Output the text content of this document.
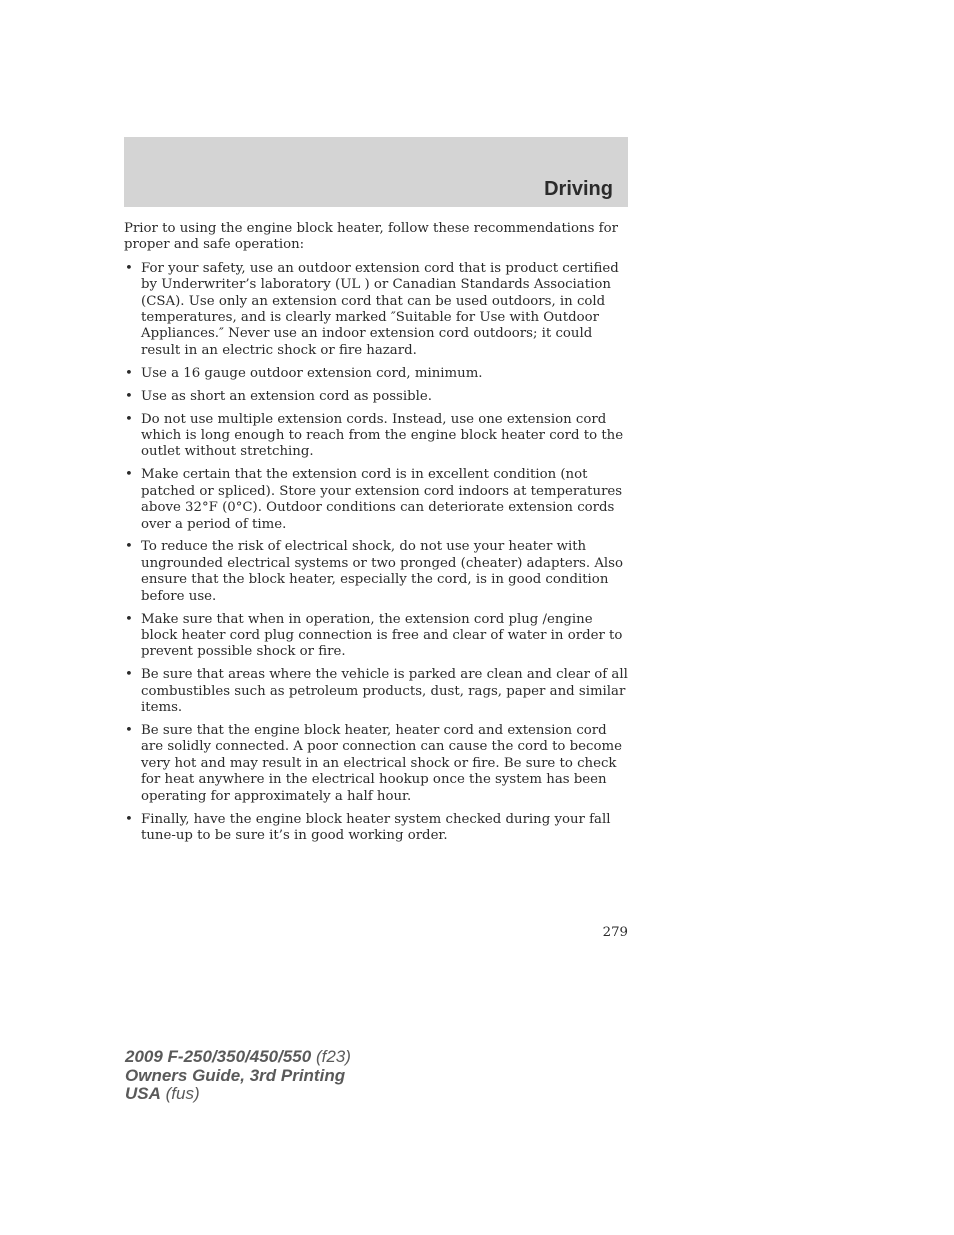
Driving

Prior to using the engine block heater, follow these recommendations for proper and safe operation:

• For your safety, use an outdoor extension cord that is product certified by Underwriter’s laboratory (UL ) or Canadian Standards Association (CSA). Use only an extension cord that can be used outdoors, in cold temperatures, and is clearly marked ″Suitable for Use with Outdoor Appliances.″ Never use an indoor extension cord outdoors; it could result in an electric shock or fire hazard.
• Use a 16 gauge outdoor extension cord, minimum.
• Use as short an extension cord as possible.
• Do not use multiple extension cords. Instead, use one extension cord which is long enough to reach from the engine block heater cord to the outlet without stretching.
• Make certain that the extension cord is in excellent condition (not patched or spliced). Store your extension cord indoors at temperatures above 32°F (0°C). Outdoor conditions can deteriorate extension cords over a period of time.
• To reduce the risk of electrical shock, do not use your heater with ungrounded electrical systems or two pronged (cheater) adapters. Also ensure that the block heater, especially the cord, is in good condition before use.
• Make sure that when in operation, the extension cord plug /engine block heater cord plug connection is free and clear of water in order to prevent possible shock or fire.
• Be sure that areas where the vehicle is parked are clean and clear of all combustibles such as petroleum products, dust, rags, paper and similar items.
• Be sure that the engine block heater, heater cord and extension cord are solidly connected. A poor connection can cause the cord to become very hot and may result in an electrical shock or fire. Be sure to check for heat anywhere in the electrical hookup once the system has been operating for approximately a half hour.
• Finally, have the engine block heater system checked during your fall tune-up to be sure it’s in good working order.
279
2009 F-250/350/450/550 (f23)
Owners Guide, 3rd Printing
USA (fus)
